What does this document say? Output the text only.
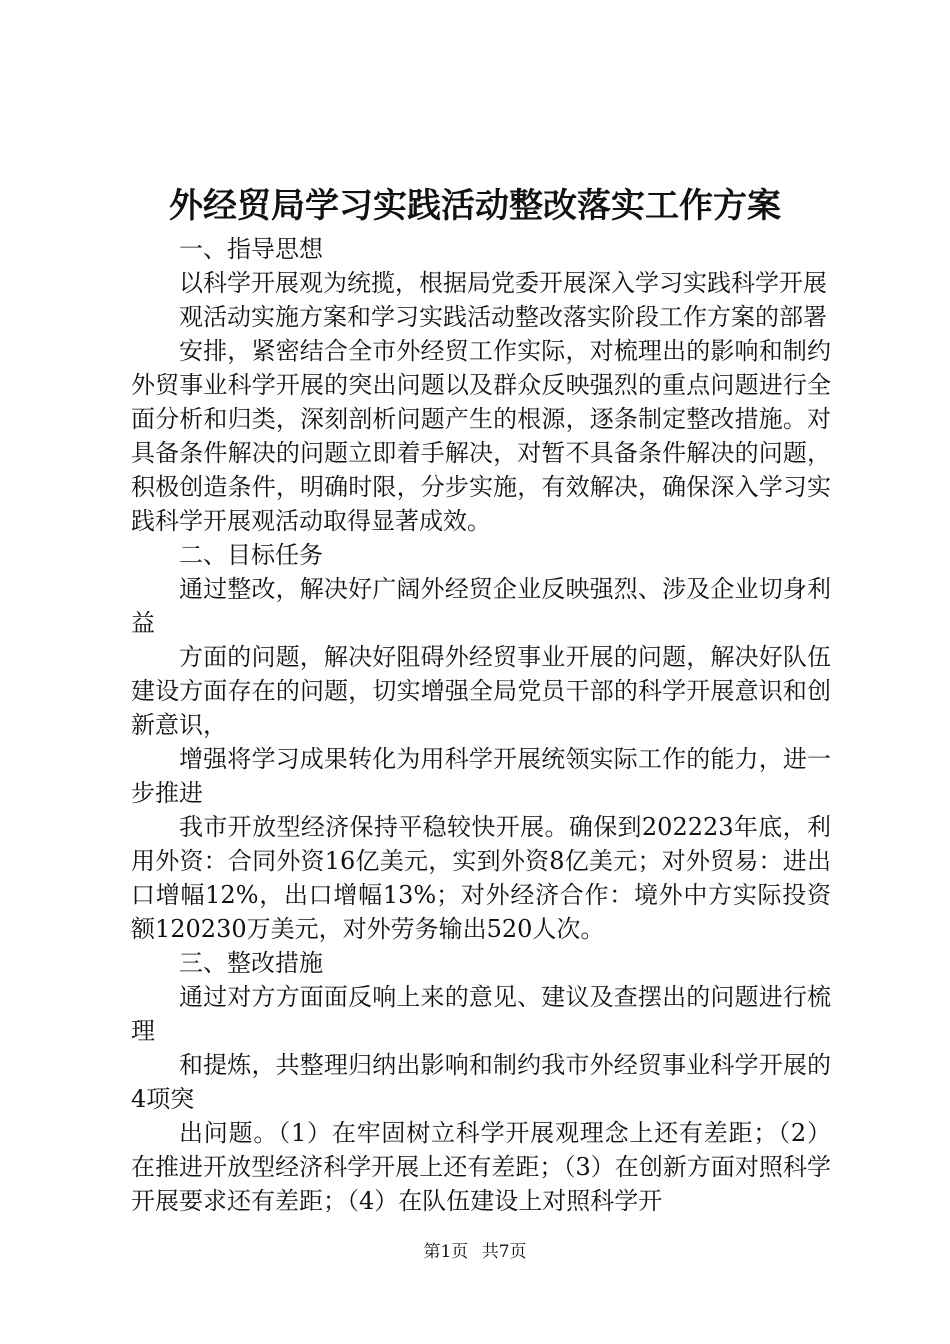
外经贸局学习实践活动整改落实工作方案

一、指导思想

以科学开展观为统揽，根据局党委开展深入学习实践科学开展

观活动实施方案和学习实践活动整改落实阶段工作方案的部署

安排，紧密结合全市外经贸工作实际，对梳理出的影响和制约外贸事业科学开展的突出问题以及群众反映强烈的重点问题进行全面分析和归类，深刻剖析问题产生的根源，逐条制定整改措施。对具备条件解决的问题立即着手解决，对暂不具备条件解决的问题，积极创造条件，明确时限，分步实施，有效解决，确保深入学习实践科学开展观活动取得显著成效。

二、目标任务

通过整改，解决好广阔外经贸企业反映强烈、涉及企业切身利益

方面的问题，解决好阻碍外经贸事业开展的问题，解决好队伍建设方面存在的问题，切实增强全局党员干部的科学开展意识和创新意识，

增强将学习成果转化为用科学开展统领实际工作的能力，进一步推进

我市开放型经济保持平稳较快开展。确保到202223年底，利用外资：合同外资16亿美元，实到外资8亿美元；对外贸易：进出口增幅12%，出口增幅13%；对外经济合作：境外中方实际投资额120230万美元，对外劳务输出520人次。

三、整改措施

通过对方方面面反响上来的意见、建议及查摆出的问题进行梳理

和提炼，共整理归纳出影响和制约我市外经贸事业科学开展的4项突

出问题。（1）在牢固树立科学开展观理念上还有差距；（2）在推进开放型经济科学开展上还有差距；（3）在创新方面对照科学开展要求还有差距；（4）在队伍建设上对照科学开

第1页 共7页
